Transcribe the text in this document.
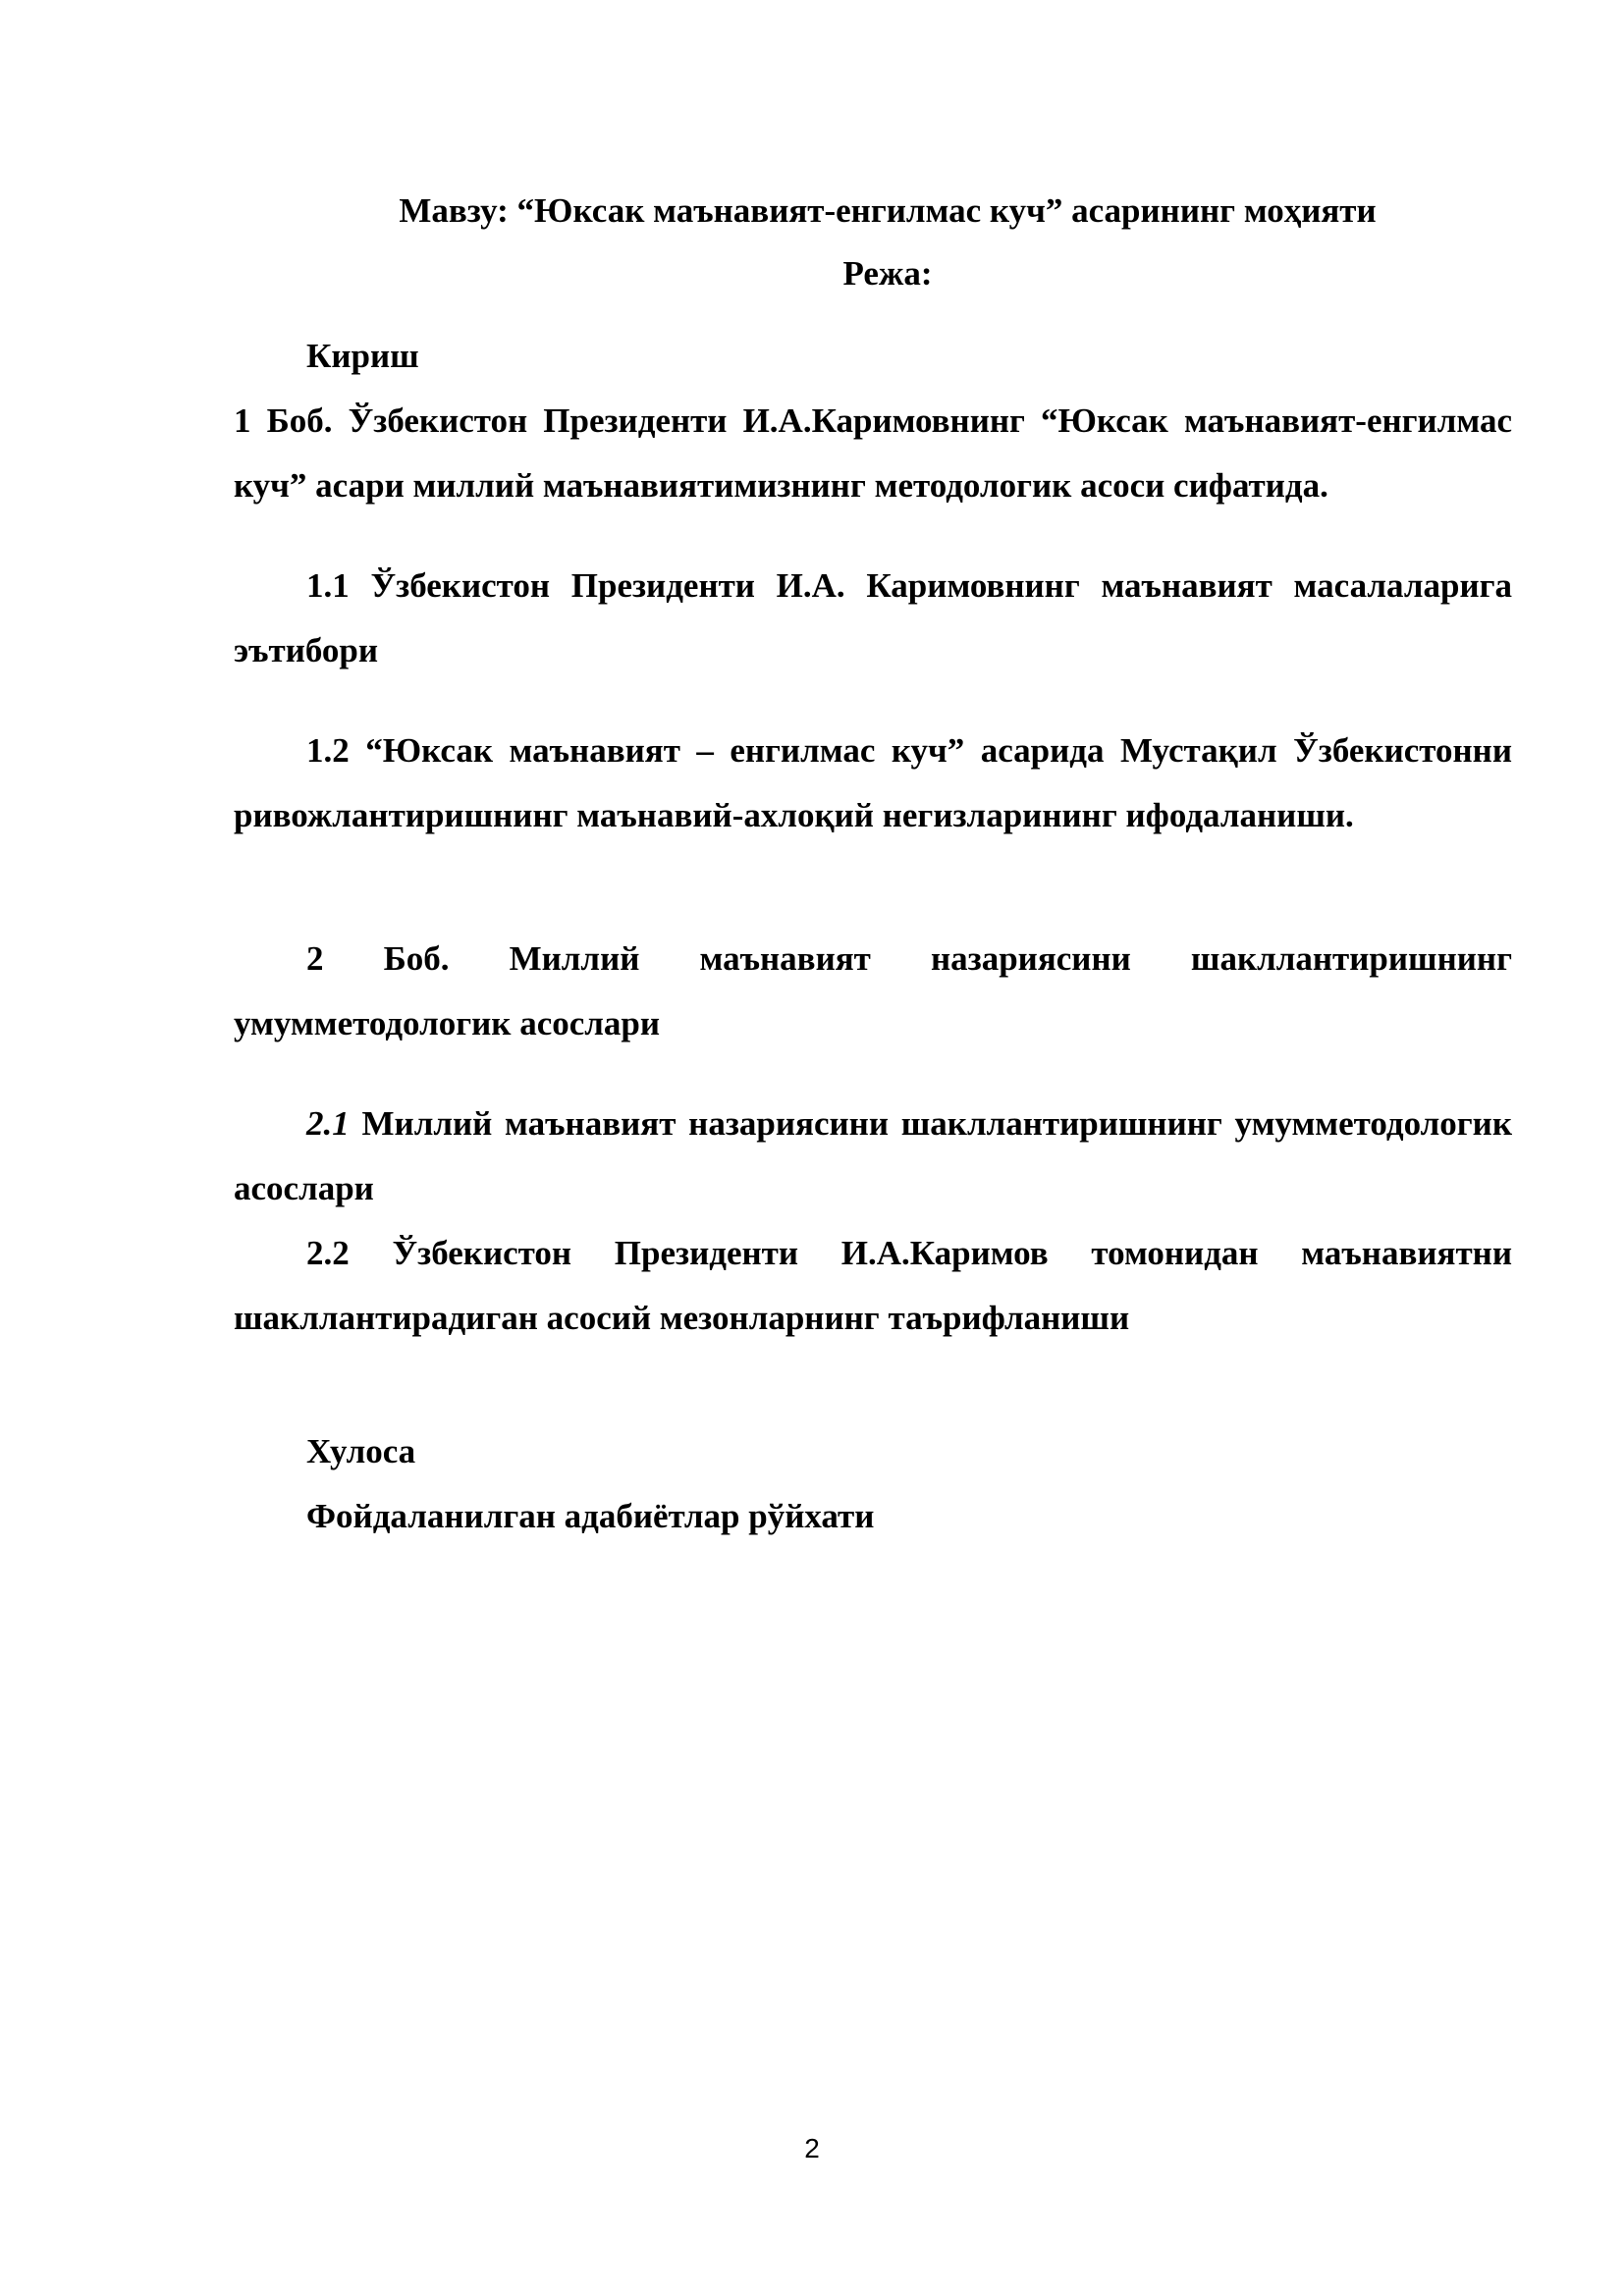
Мавзу: “Юксак маънавият-енгилмас куч” асарининг моҳияти

Режа:

Кириш

1 Боб. Ўзбекистон Президенти И.А.Каримовнинг “Юксак маънавият-енгилмас куч” асари миллий маънавиятимизнинг методологик асоси сифатида.

1.1 Ўзбекистон Президенти И.А. Каримовнинг маънавият масалаларига эътибори

1.2 “Юксак маънавият – енгилмас куч” асарида Мустақил Ўзбекистонни ривожлантиришнинг маънавий-ахлоқий негизларининг ифодаланиши.

2 Боб. Миллий маънавият назариясини шакллантиришнинг умумметодологик асослари

2.1 Миллий маънавият назариясини шакллантиришнинг умумметодологик асослари

2.2 Ўзбекистон Президенти И.А.Каримов томонидан маънавиятни шакллантирадиган асосий мезонларнинг таърифланиши

Хулоса

Фойдаланилган адабиётлар рўйхати

2
